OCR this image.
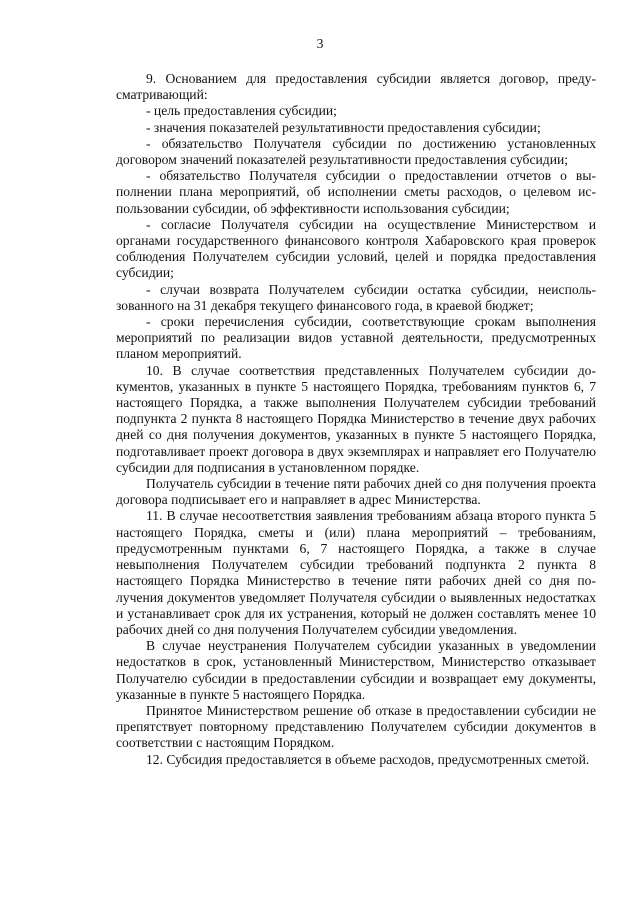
3

9. Основанием для предоставления субсидии является договор, предусматривающий:

- цель предоставления субсидии;

- значения показателей результативности предоставления субсидии;

- обязательство Получателя субсидии по достижению установленных договором значений показателей результативности предоставления субсидии;

- обязательство Получателя субсидии о предоставлении отчетов о выполнении плана мероприятий, об исполнении сметы расходов, о целевом использовании субсидии, об эффективности использования субсидии;

- согласие Получателя субсидии на осуществление Министерством и органами государственного финансового контроля Хабаровского края проверок соблюдения Получателем субсидии условий, целей и порядка предоставления субсидии;

- случаи возврата Получателем субсидии остатка субсидии, неиспользованного на 31 декабря текущего финансового года, в краевой бюджет;

- сроки перечисления субсидии, соответствующие срокам выполнения мероприятий по реализации видов уставной деятельности, предусмотренных планом мероприятий.

10. В случае соответствия представленных Получателем субсидии документов, указанных в пункте 5 настоящего Порядка, требованиям пунктов 6, 7 настоящего Порядка, а также выполнения Получателем субсидии требований подпункта 2 пункта 8 настоящего Порядка Министерство в течение двух рабочих дней со дня получения документов, указанных в пункте 5 настоящего Порядка, подготавливает проект договора в двух экземплярах и направляет его Получателю субсидии для подписания в установленном порядке.

Получатель субсидии в течение пяти рабочих дней со дня получения проекта договора подписывает его и направляет в адрес Министерства.

11. В случае несоответствия заявления требованиям абзаца второго пункта 5 настоящего Порядка, сметы и (или) плана мероприятий – требованиям, предусмотренным пунктами 6, 7 настоящего Порядка, а также в случае невыполнения Получателем субсидии требований подпункта 2 пункта 8 настоящего Порядка Министерство в течение пяти рабочих дней со дня получения документов уведомляет Получателя субсидии о выявленных недостатках и устанавливает срок для их устранения, который не должен составлять менее 10 рабочих дней со дня получения Получателем субсидии уведомления.

В случае неустранения Получателем субсидии указанных в уведомлении недостатков в срок, установленный Министерством, Министерство отказывает Получателю субсидии в предоставлении субсидии и возвращает ему документы, указанные в пункте 5 настоящего Порядка.

Принятое Министерством решение об отказе в предоставлении субсидии не препятствует повторному представлению Получателем субсидии документов в соответствии с настоящим Порядком.

12. Субсидия предоставляется в объеме расходов, предусмотренных сметой.
